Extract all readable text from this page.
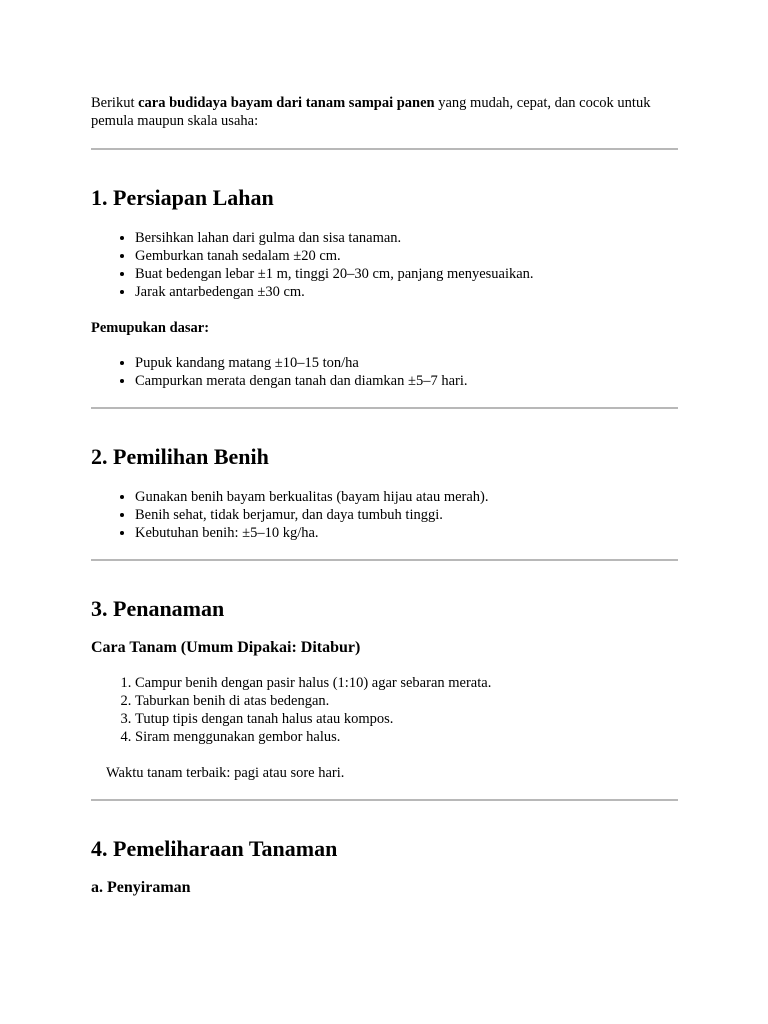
Berikut cara budidaya bayam dari tanam sampai panen yang mudah, cepat, dan cocok untuk pemula maupun skala usaha:

1. Persiapan Lahan
• Bersihkan lahan dari gulma dan sisa tanaman.
• Gemburkan tanah sedalam ±20 cm.
• Buat bedengan lebar ±1 m, tinggi 20–30 cm, panjang menyesuaikan.
• Jarak antarbedengan ±30 cm.

Pemupukan dasar:

• Pupuk kandang matang ±10–15 ton/ha
• Campurkan merata dengan tanah dan diamkan ±5–7 hari.
2. Pemilihan Benih
• Gunakan benih bayam berkualitas (bayam hijau atau merah).
• Benih sehat, tidak berjamur, dan daya tumbuh tinggi.
• Kebutuhan benih: ±5–10 kg/ha.
3. Penanaman
Cara Tanam (Umum Dipakai: Ditabur)
1. Campur benih dengan pasir halus (1:10) agar sebaran merata.
2. Taburkan benih di atas bedengan.
3. Tutup tipis dengan tanah halus atau kompos.
4. Siram menggunakan gembor halus.

Waktu tanam terbaik: pagi atau sore hari.

4. Pemeliharaan Tanaman
a. Penyiraman
